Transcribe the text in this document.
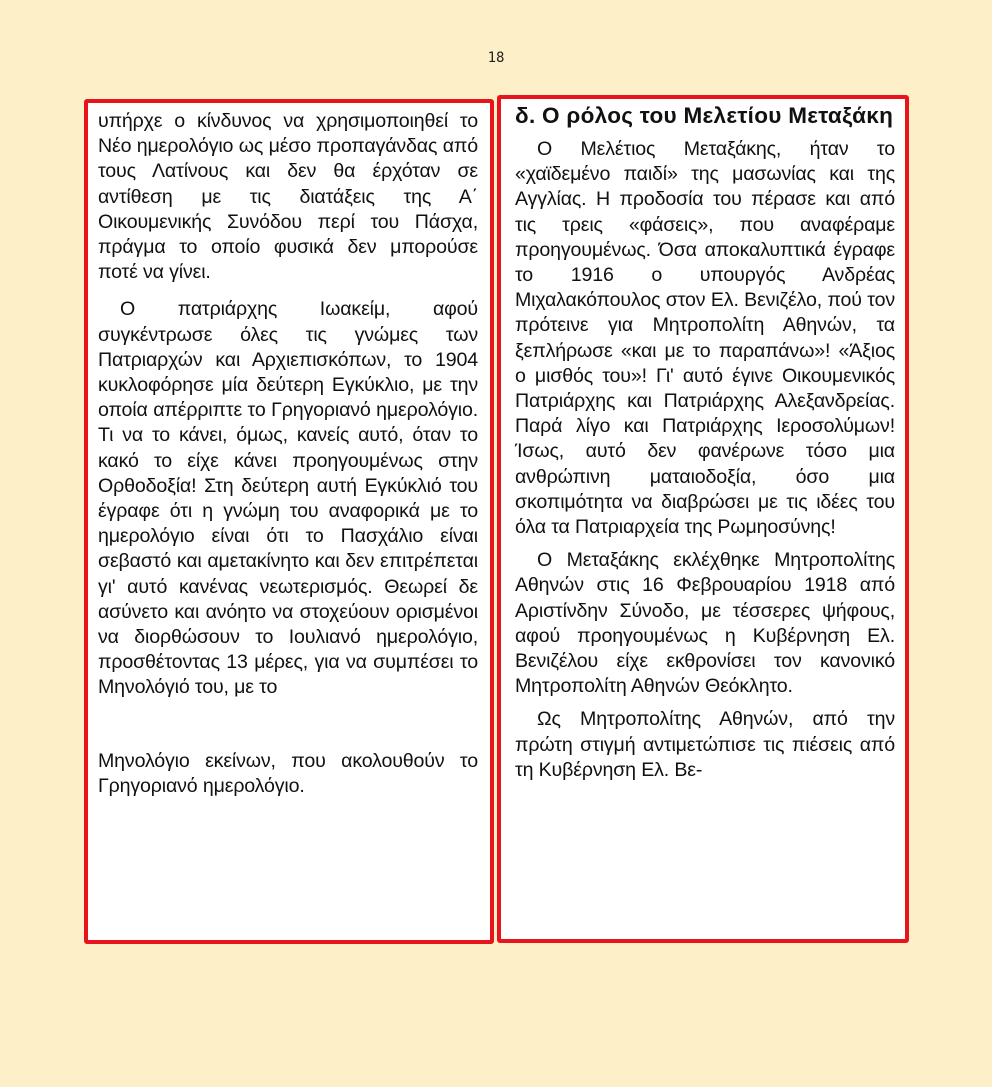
18

υπήρχε ο κίνδυνος να χρησιμοποιηθεί το Νέο ημερολόγιο ως μέσο προπαγάνδας από τους Λατίνους και δεν θα έρχόταν σε αντίθεση με τις διατάξεις της Α΄ Οικουμενικής Συνόδου περί του Πάσχα, πράγμα το οποίο φυσικά δεν μπορούσε ποτέ να γίνει.

Ο πατριάρχης Ιωακείμ, αφού συγκέντρωσε όλες τις γνώμες των Πατριαρχών και Αρχιεπισκόπων, το 1904 κυκλοφόρησε μία δεύτερη Εγκύκλιο, με την οποία απέρριπτε το Γρηγοριανό ημερολόγιο. Τι να το κάνει, όμως, κανείς αυτό, όταν το κακό το είχε κάνει προηγουμένως στην Ορθοδοξία! Στη δεύτερη αυτή Εγκύκλιό του έγραφε ότι η γνώμη του αναφορικά με το ημερολόγιο είναι ότι το Πασχάλιο είναι σεβαστό και αμετακίνητο και δεν επιτρέπεται γι' αυτό κανένας νεωτερισμός. Θεωρεί δε ασύνετο και ανόητο να στοχεύουν ορισμένοι να διορθώσουν το Ιουλιανό ημερολόγιο, προσθέτοντας 13 μέρες, για να συμπέσει το Μηνολόγιό του, με το

Μηνολόγιο εκείνων, που ακολουθούν το Γρηγοριανό ημερολόγιο.

δ. Ο ρόλος του Μελετίου Μεταξάκη

Ο Μελέτιος Μεταξάκης, ήταν το «χαϊδεμένο παιδί» της μασωνίας και της Αγγλίας. Η προδοσία του πέρασε και από τις τρεις «φάσεις», που αναφέραμε προηγουμένως. Όσα αποκαλυπτικά έγραφε το 1916 ο υπουργός Ανδρέας Μιχαλακόπουλος στον Ελ. Βενιζέλο, πού τον πρότεινε για Μητροπολίτη Αθηνών, τα ξεπλήρωσε «και με το παραπάνω»! «Άξιος ο μισθός του»! Γι' αυτό έγινε Οικουμενικός Πατριάρχης και Πατριάρχης Αλεξανδρείας. Παρά λίγο και Πατριάρχης Ιεροσολύμων! Ίσως, αυτό δεν φανέρωνε τόσο μια ανθρώπινη ματαιοδοξία, όσο μια σκοπιμότητα να διαβρώσει με τις ιδέες του όλα τα Πατριαρχεία της Ρωμηοσύνης!

Ο Μεταξάκης εκλέχθηκε Μητροπολίτης Αθηνών στις 16 Φεβρουαρίου 1918 από Αριστίνδην Σύνοδο, με τέσσερες ψήφους, αφού προηγουμένως η Κυβέρνηση Ελ. Βενιζέλου είχε εκθρονίσει τον κανονικό Μητροπολίτη Αθηνών Θεόκλητο.

Ως Μητροπολίτης Αθηνών, από την πρώτη στιγμή αντιμετώπισε τις πιέσεις από τη Κυβέρνηση Ελ. Βε-
